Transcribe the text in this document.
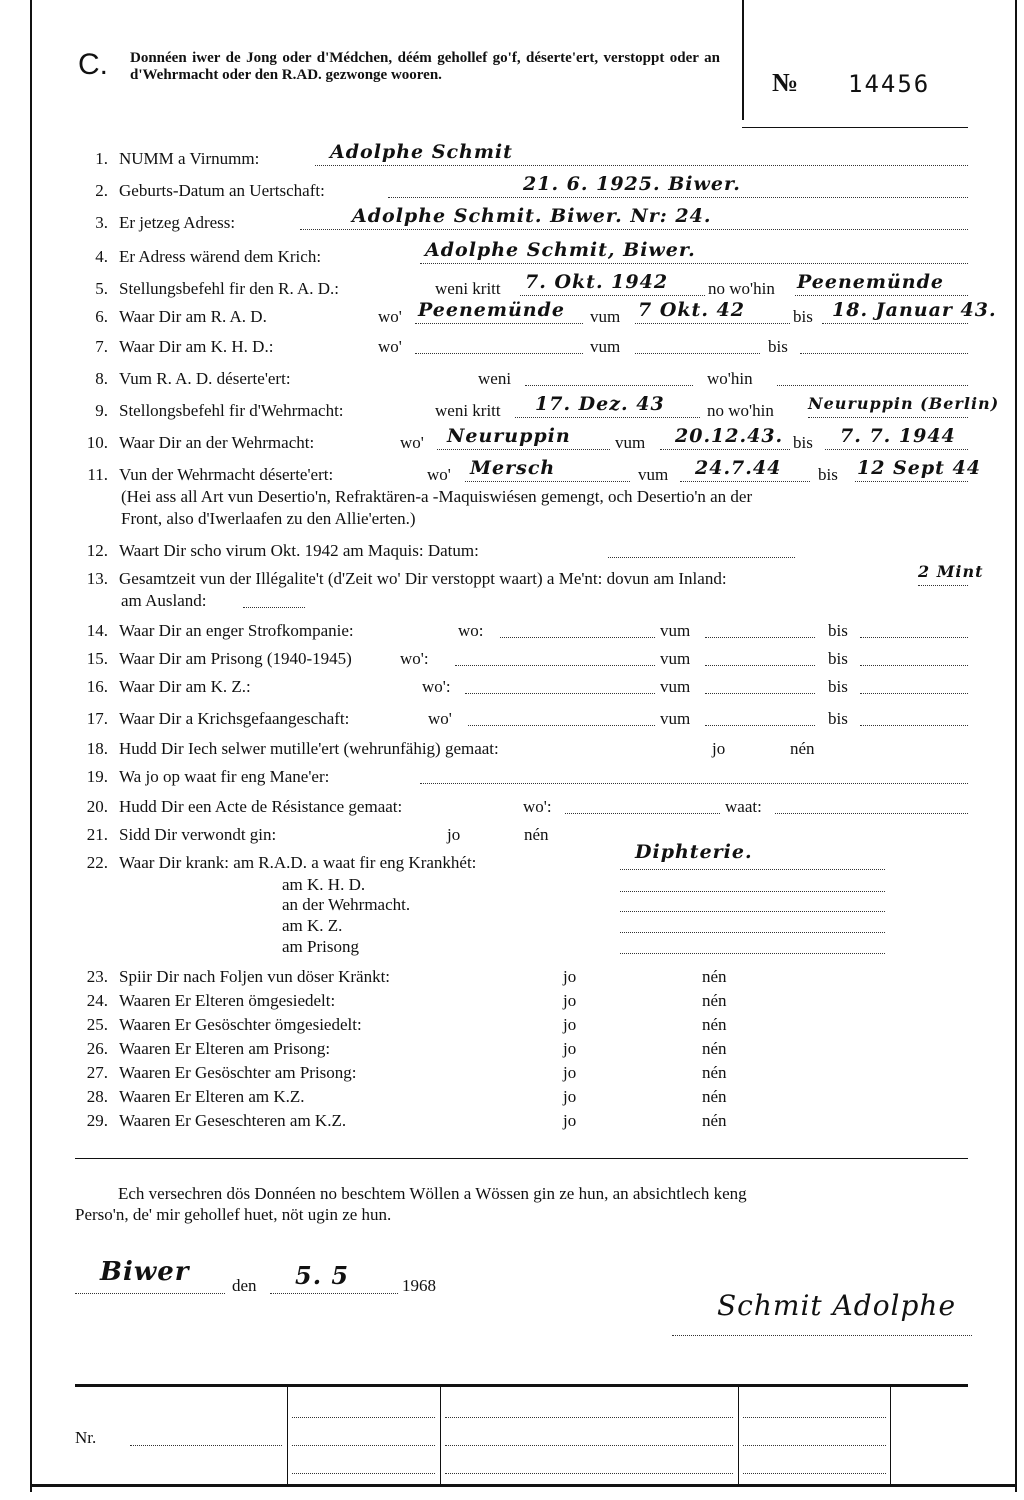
C. Donnéen iwer de Jong oder d'Médchen, déém gehollef go'f, déserte'ert, verstoppt oder an d'Wehrmacht oder den R.AD. gezwonge wooren.	№ 14456
1. NUMM a Virnumm:	Adolphe Schmit
2. Geburts-Datum an Uertschaft:	21. 6. 1925. Biwer.
3. Er jetzeg Adress:	Adolphe Schmit. Biwer. Nr: 24.
4. Er Adress wärend dem Krich:	Adolphe Schmit, Biwer.
5. Stellungsbefehl fir den R. A. D.:	weni kritt 7. Okt. 1942 no wo'hin Peenemünde
6. Waar Dir am R. A. D.	wo' Peenemünde vum 7 Okt. 42	bis 18. Januar 43.
7. Waar Dir am K. H. D.:	wo'	vum	bis
8. Vum R. A. D. déserte'ert:	weni	wo'hin
9. Stellongsbefehl fir d'Wehrmacht:	weni kritt 17. Dez. 43 no wo'hin Neuruppin (Berlin)
10. Waar Dir an der Wehrmacht:	wo' Neuruppin	vum 20.12.43. bis 7. 7. 1944
11. Vun der Wehrmacht déserte'ert:	wo' Mersch	vum 24.7.44 bis 12 Sept 44
(Hei ass all Art vun Desertio'n, Refraktären-a -Maquiswiésen gemengt, och Desertio'n an der
Front, also d'Iwerlaafen zu den Allie'erten.)
12. Waart Dir scho virum Okt. 1942 am Maquis: Datum:
13. Gesamtzeit vun der Illégalite't (d'Zeit wo' Dir verstoppt waart) a Me'nt: dovun am Inland:	2 Mint
am Ausland:
14. Waar Dir an enger Strofkompanie:	wo:	vum	bis
15. Waar Dir am Prisong (1940-1945)	wo':	vum	bis
16. Waar Dir am K. Z.:	wo':	vum	bis
17. Waar Dir a Krichsgefaangeschaft:	wo'	vum	bis
18. Hudd Dir Iech selwer mutille'ert (wehrunfähig) gemaat:	jo	nén
19. Wa jo op waat fir eng Mane'er:
20. Hudd Dir een Acte de Résistance gemaat:	wo':	waat:
21. Sidd Dir verwondt gin:	jo	nén
22. Waar Dir krank: am R.A.D. a waat fir eng Krankhét:	Diphterie.
am K. H. D.
an der Wehrmacht.
am K. Z.
am Prisong
23. Spiir Dir nach Foljen vun döser Kränkt:	jo	nén
24. Waaren Er Elteren ömgesiedelt:	jo	nén
25. Waaren Er Gesöschter ömgesiedelt:	jo	nén
26. Waaren Er Elteren am Prisong:	jo	nén
27. Waaren Er Gesöschter am Prisong:	jo	nén
28. Waaren Er Elteren am K.Z.	jo	nén
29. Waaren Er Geseschteren am K.Z.	jo	nén
Ech versechren dös Donnéen no beschtem Wöllen a Wössen gin ze hun, an absichtlech keng
Perso'n, de' mir gehollef huet, nöt ugin ze hun.
Biwer	den 5. 5	1968
Schmit Adolphe
Nr.
